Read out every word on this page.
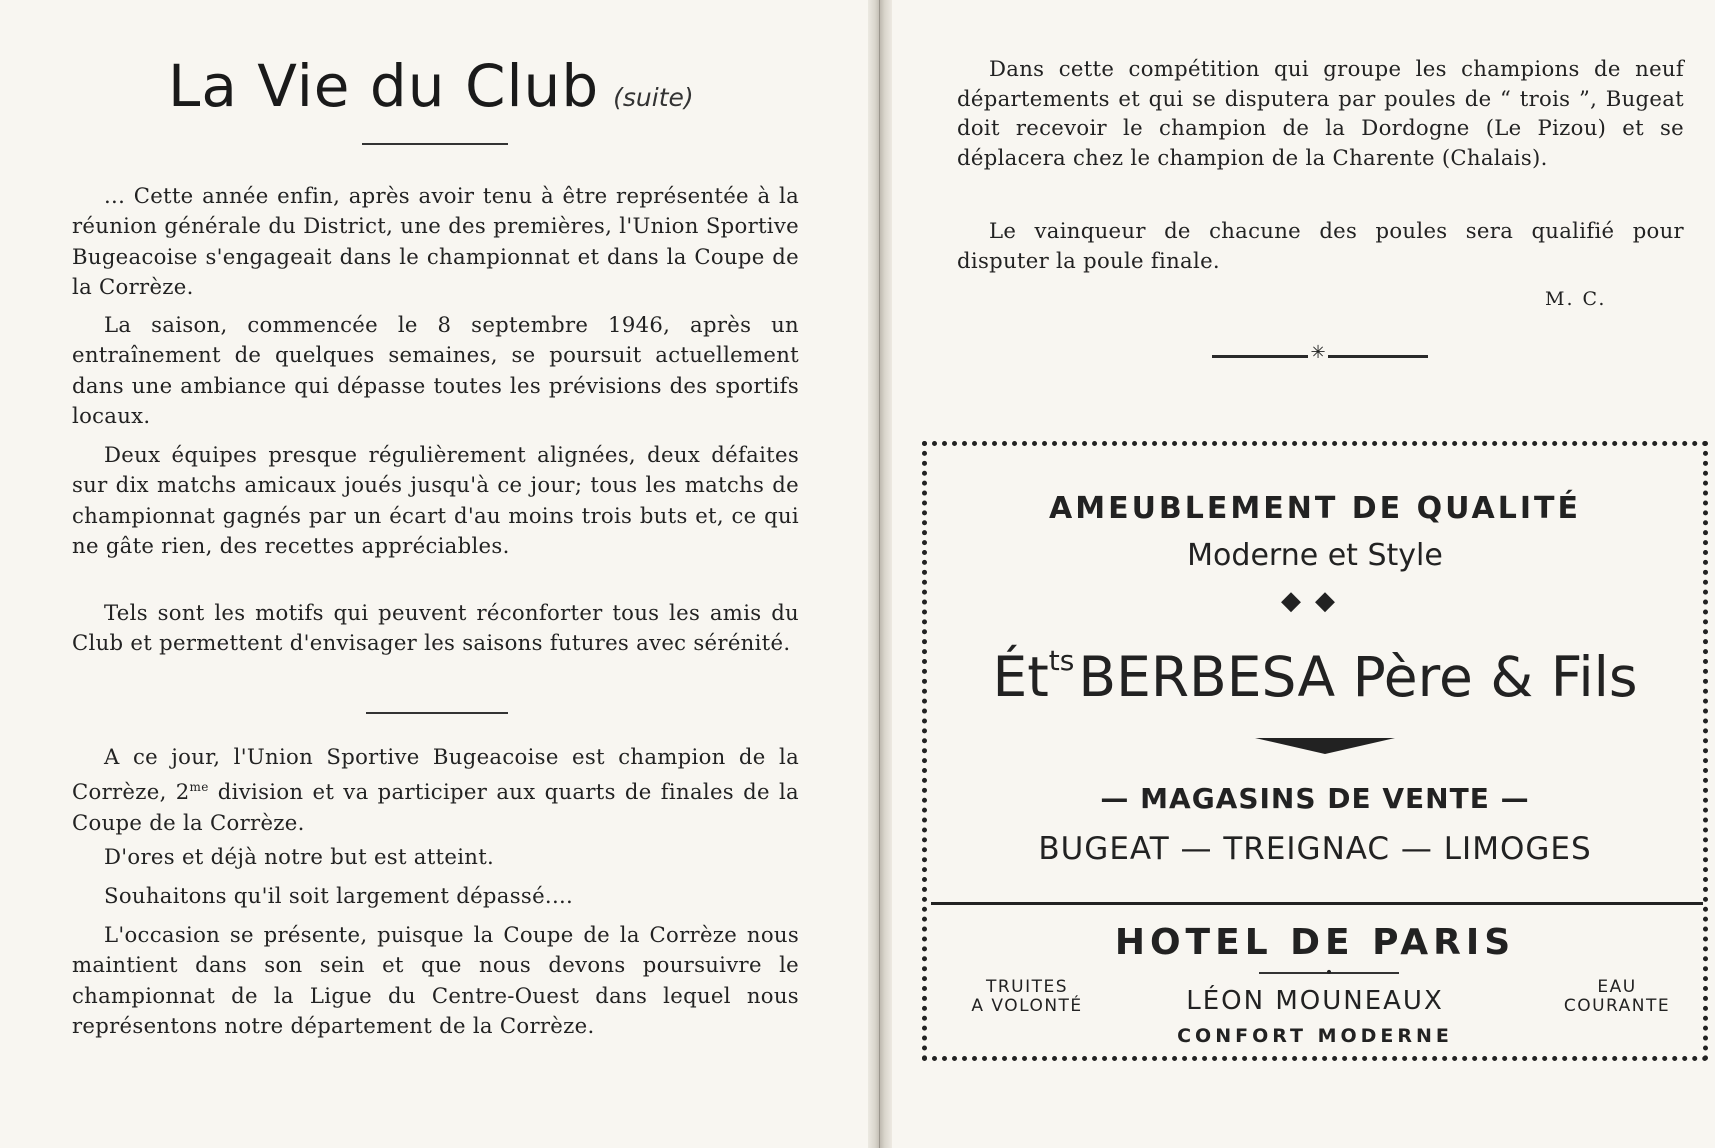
La Vie du Club (suite)

... Cette année enfin, après avoir tenu à être représentée à la réunion générale du District, une des premières, l'Union Sportive Bugeacoise s'engageait dans le championnat et dans la Coupe de la Corrèze.

La saison, commencée le 8 septembre 1946, après un entraînement de quelques semaines, se poursuit actuellement dans une ambiance qui dépasse toutes les prévisions des sportifs locaux.

Deux équipes presque régulièrement alignées, deux défaites sur dix matchs amicaux joués jusqu'à ce jour; tous les matchs de championnat gagnés par un écart d'au moins trois buts et, ce qui ne gâte rien, des recettes appréciables.

Tels sont les motifs qui peuvent réconforter tous les amis du Club et permettent d'envisager les saisons futures avec sérénité.

A ce jour, l'Union Sportive Bugeacoise est champion de la Corrèze, $2^{me}$ division et va participer aux quarts de finales de la Coupe de la Corrèze.

D'ores et déjà notre but est atteint.

Souhaitons qu'il soit largement dépassé....

L'occasion se présente, puisque la Coupe de la Corrèze nous maintient dans son sein et que nous devons poursuivre le championnat de la Ligue du Centre-Ouest dans lequel nous représentons notre département de la Corrèze.

Dans cette compétition qui groupe les champions de neuf départements et qui se disputera par poules de “ trois ”, Bugeat doit recevoir le champion de la Dordogne (Le Pizou) et se déplacera chez le champion de la Charente (Chalais).

Le vainqueur de chacune des poules sera qualifié pour disputer la poule finale.

M. C.
✳
AMEUBLEMENT DE QUALITÉ
Moderne et Style
◆◆
$Ét^{ts}BERBESA$ Père & Fils
— MAGASINS DE VENTE —
BUGEAT — TREIGNAC — LIMOGES
HOTEL DE PARIS
•
TRUITES
A VOLONTÉ
EAU
COURANTE
LÉON MOUNEAUX
CONFORT MODERNE
